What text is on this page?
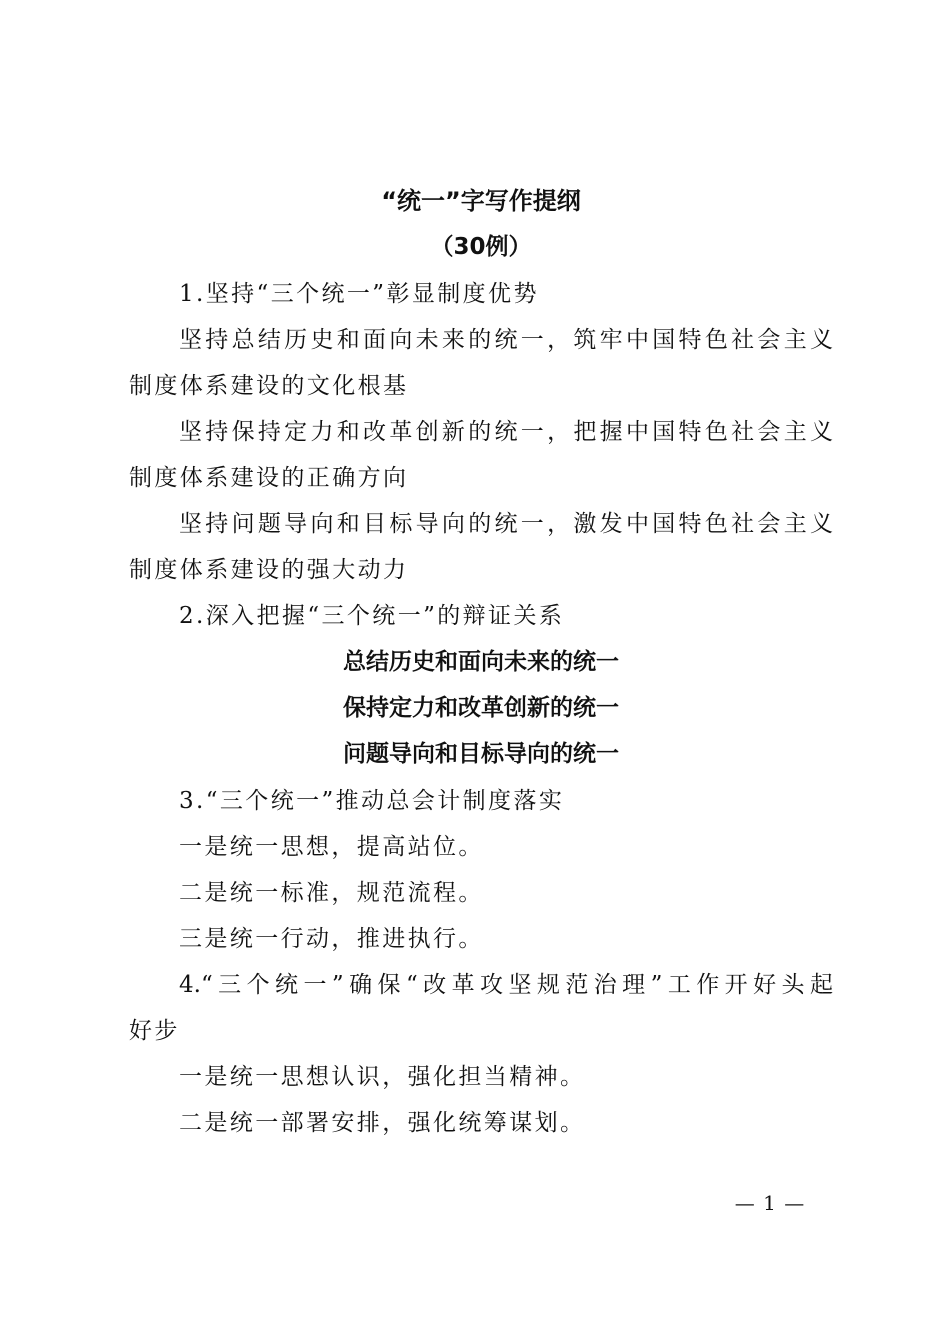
“统一”字写作提纲
（30例）
1.坚持“三个统一”彰显制度优势
坚持总结历史和面向未来的统一，筑牢中国特色社会主义
制度体系建设的文化根基
坚持保持定力和改革创新的统一，把握中国特色社会主义
制度体系建设的正确方向
坚持问题导向和目标导向的统一，激发中国特色社会主义
制度体系建设的强大动力
2.深入把握“三个统一”的辩证关系
总结历史和面向未来的统一
保持定力和改革创新的统一
问题导向和目标导向的统一
3.“三个统一”推动总会计制度落实
一是统一思想，提高站位。
二是统一标准，规范流程。
三是统一行动，推进执行。
4.“三个统一”确保“改革攻坚规范治理”工作开好头起
好步
一是统一思想认识，强化担当精神。
二是统一部署安排，强化统筹谋划。
— 1 —
